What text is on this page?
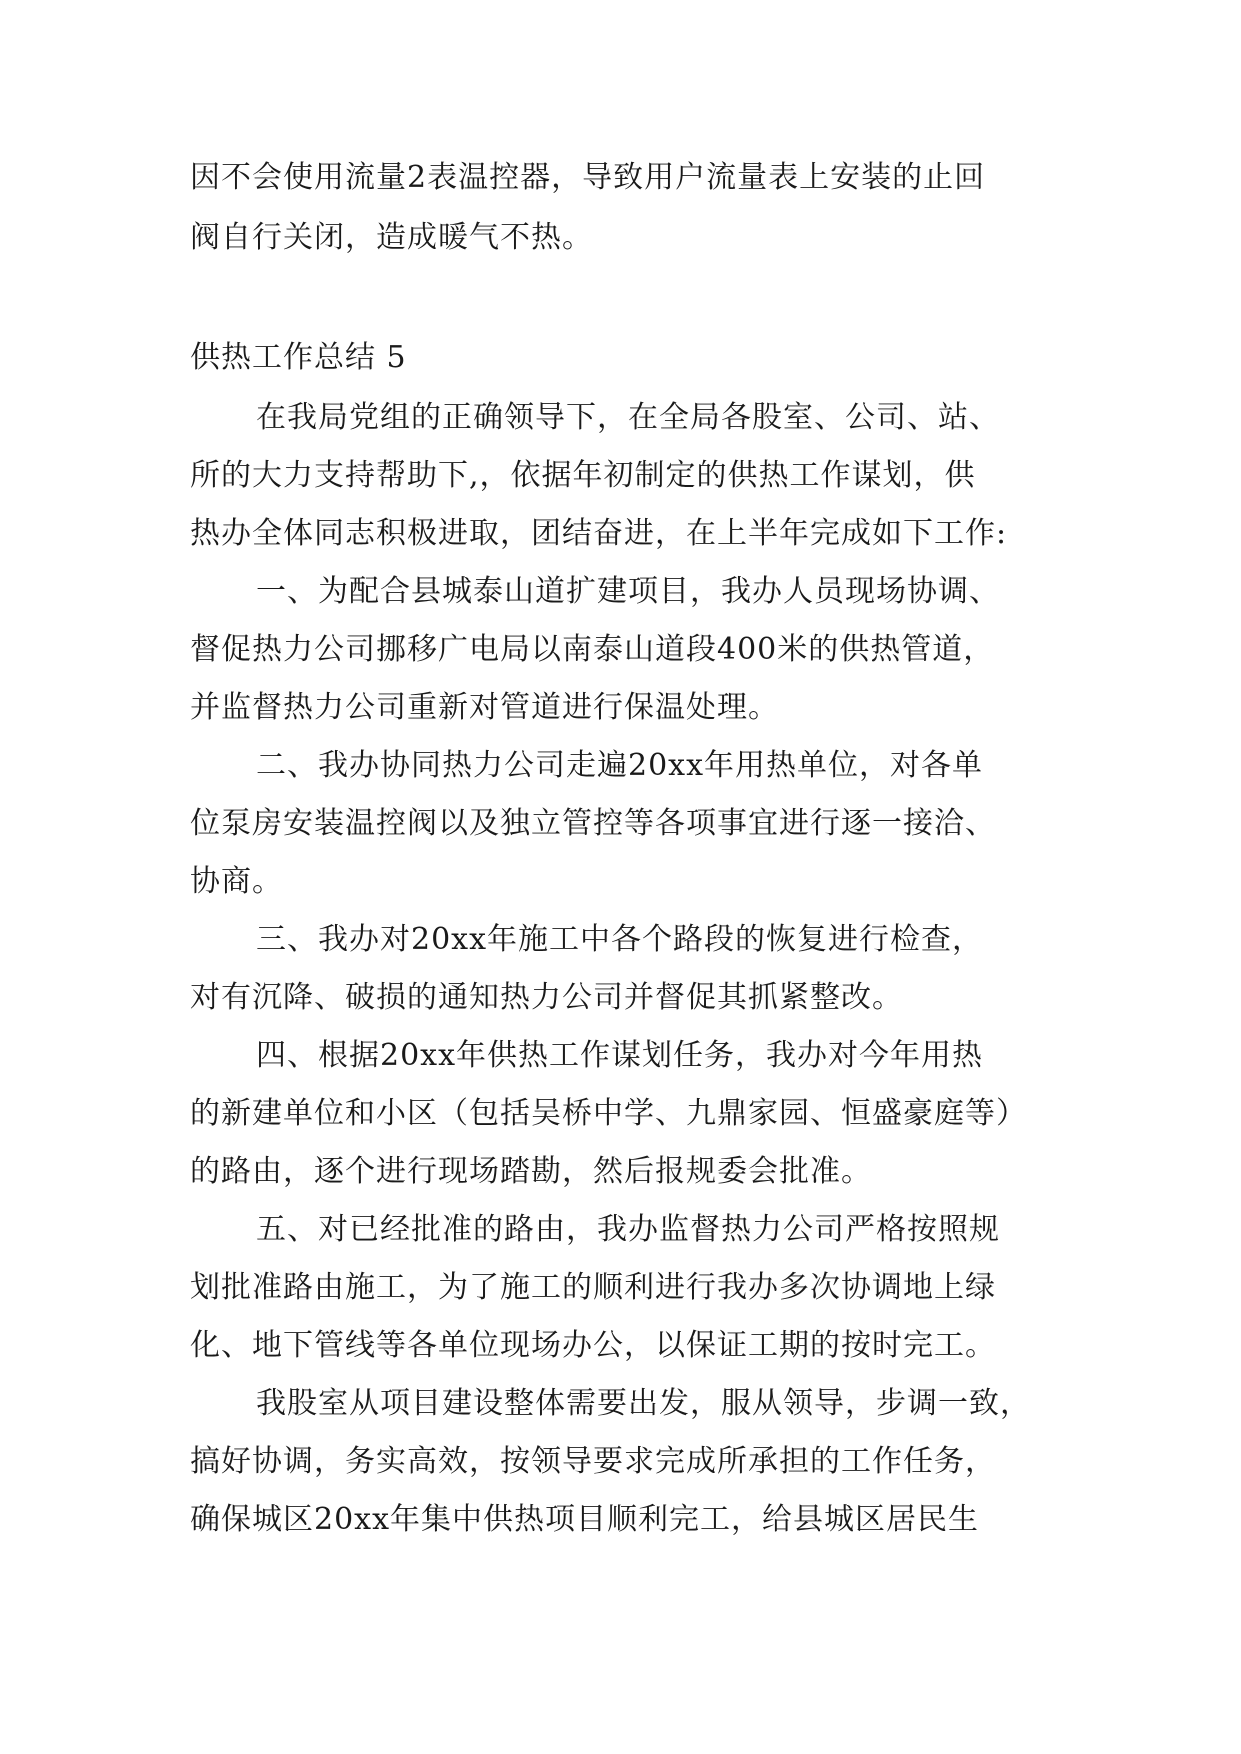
因不会使用流量2表温控器，导致用户流量表上安装的止回
阀自行关闭，造成暖气不热。
供热工作总结 5
在我局党组的正确领导下，在全局各股室、公司、站、
所的大力支持帮助下,，依据年初制定的供热工作谋划，供
热办全体同志积极进取，团结奋进，在上半年完成如下工作:
一、为配合县城泰山道扩建项目，我办人员现场协调、
督促热力公司挪移广电局以南泰山道段400米的供热管道，
并监督热力公司重新对管道进行保温处理。
二、我办协同热力公司走遍20xx年用热单位，对各单
位泵房安装温控阀以及独立管控等各项事宜进行逐一接洽、
协商。
三、我办对20xx年施工中各个路段的恢复进行检查，
对有沉降、破损的通知热力公司并督促其抓紧整改。
四、根据20xx年供热工作谋划任务，我办对今年用热
的新建单位和小区（包括吴桥中学、九鼎家园、恒盛豪庭等）
的路由，逐个进行现场踏勘，然后报规委会批准。
五、对已经批准的路由，我办监督热力公司严格按照规
划批准路由施工，为了施工的顺利进行我办多次协调地上绿
化、地下管线等各单位现场办公，以保证工期的按时完工。
我股室从项目建设整体需要出发，服从领导，步调一致，
搞好协调，务实高效，按领导要求完成所承担的工作任务，
确保城区20xx年集中供热项目顺利完工，给县城区居民生
